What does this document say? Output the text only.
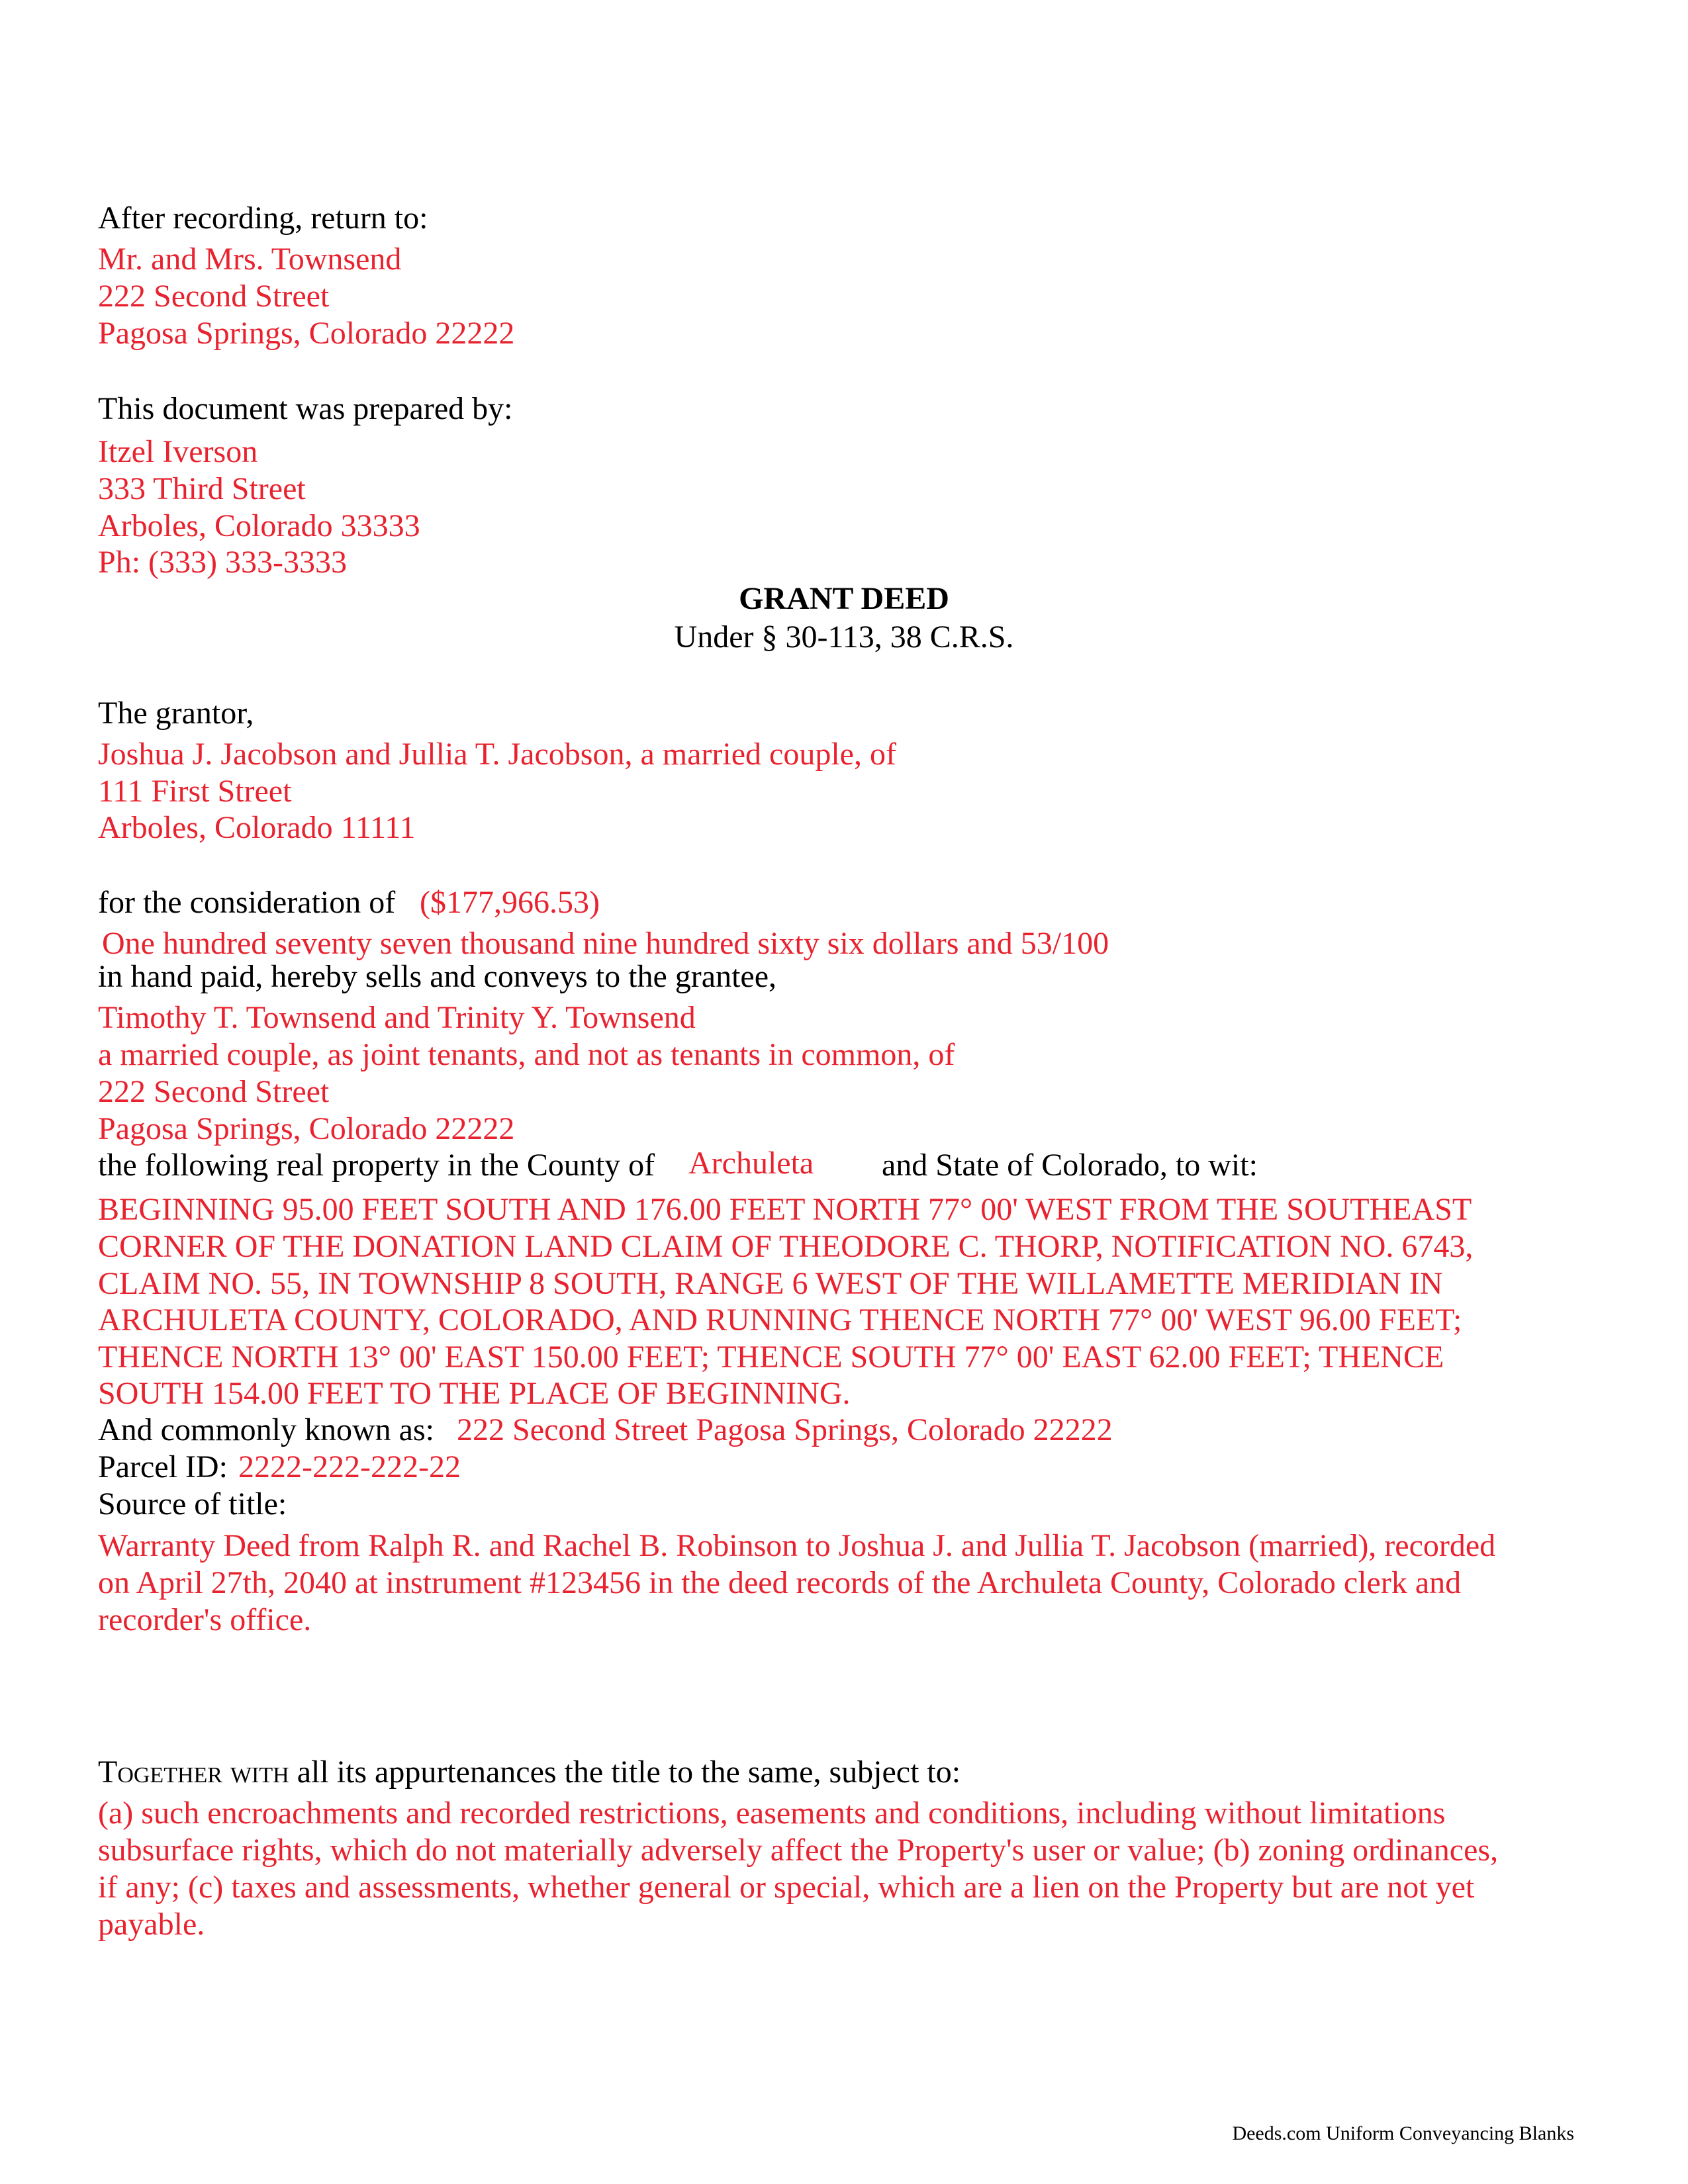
After recording, return to:
Mr. and Mrs. Townsend
222 Second Street
Pagosa Springs, Colorado 22222
This document was prepared by:
Itzel Iverson
333 Third Street
Arboles, Colorado 33333
Ph: (333) 333-3333
GRANT DEED
Under § 30-113, 38 C.R.S.
The grantor,
Joshua J. Jacobson and Jullia T. Jacobson, a married couple, of
111 First Street
Arboles, Colorado 11111
for the consideration of ($177,966.53)
One hundred seventy seven thousand nine hundred sixty six dollars and 53/100
in hand paid, hereby sells and conveys to the grantee,
Timothy T. Townsend and Trinity Y. Townsend
a married couple, as joint tenants, and not as tenants in common, of
222 Second Street
Pagosa Springs, Colorado 22222
the following real property in the County of Archuleta and State of Colorado, to wit:
BEGINNING 95.00 FEET SOUTH AND 176.00 FEET NORTH 77° 00' WEST FROM THE SOUTHEAST
CORNER OF THE DONATION LAND CLAIM OF THEODORE C. THORP, NOTIFICATION NO. 6743,
CLAIM NO. 55, IN TOWNSHIP 8 SOUTH, RANGE 6 WEST OF THE WILLAMETTE MERIDIAN IN
ARCHULETA COUNTY, COLORADO, AND RUNNING THENCE NORTH 77° 00' WEST 96.00 FEET;
THENCE NORTH 13° 00' EAST 150.00 FEET; THENCE SOUTH 77° 00' EAST 62.00 FEET; THENCE
SOUTH 154.00 FEET TO THE PLACE OF BEGINNING.
And commonly known as: 222 Second Street Pagosa Springs, Colorado 22222
Parcel ID: 2222-222-222-22
Source of title:
Warranty Deed from Ralph R. and Rachel B. Robinson to Joshua J. and Jullia T. Jacobson (married), recorded
on April 27th, 2040 at instrument #123456 in the deed records of the Archuleta County, Colorado clerk and
recorder's office.
Together with all its appurtenances the title to the same, subject to:
(a) such encroachments and recorded restrictions, easements and conditions, including without limitations
subsurface rights, which do not materially adversely affect the Property's user or value; (b) zoning ordinances,
if any; (c) taxes and assessments, whether general or special, which are a lien on the Property but are not yet
payable.
Deeds.com Uniform Conveyancing Blanks
